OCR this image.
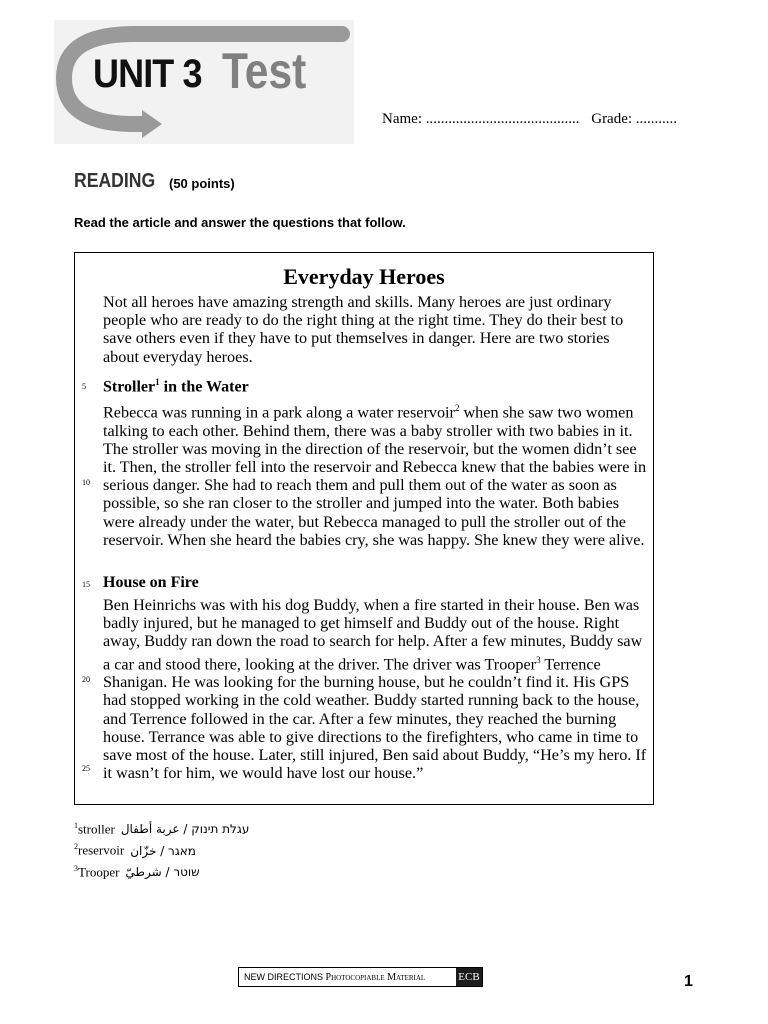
UNIT 3 Test
Name: ......................................... Grade: ...........
READING (50 points)
Read the article and answer the questions that follow.
Everyday Heroes
Not all heroes have amazing strength and skills. Many heroes are just ordinary people who are ready to do the right thing at the right time. They do their best to save others even if they have to put themselves in danger. Here are two stories about everyday heroes.
Stroller$^1$ in the Water
Rebecca was running in a park along a water reservoir$^2$ when she saw two women talking to each other. Behind them, there was a baby stroller with two babies in it. The stroller was moving in the direction of the reservoir, but the women didn’t see it. Then, the stroller fell into the reservoir and Rebecca knew that the babies were in serious danger. She had to reach them and pull them out of the water as soon as possible, so she ran closer to the stroller and jumped into the water. Both babies were already under the water, but Rebecca managed to pull the stroller out of the reservoir. When she heard the babies cry, she was happy. She knew they were alive.
House on Fire
Ben Heinrichs was with his dog Buddy, when a fire started in their house. Ben was badly injured, but he managed to get himself and Buddy out of the house. Right away, Buddy ran down the road to search for help. After a few minutes, Buddy saw a car and stood there, looking at the driver. The driver was Trooper$^3$ Terrence Shanigan. He was looking for the burning house, but he couldn’t find it. His GPS had stopped working in the cold weather. Buddy started running back to the house, and Terrence followed in the car. After a few minutes, they reached the burning house. Terrance was able to give directions to the firefighters, who came in time to save most of the house. Later, still injured, Ben said about Buddy, “He’s my hero. If it wasn’t for him, we would have lost our house.”
5
10
15
20
25
$^1$stroller עגלת תינוק / عربة أطفال
$^2$reservoir מאגר / خزّان
$^3$Trooper שוטר / شرطيّ
NEW DIRECTIONS Photocopiable Material	ECB	1
